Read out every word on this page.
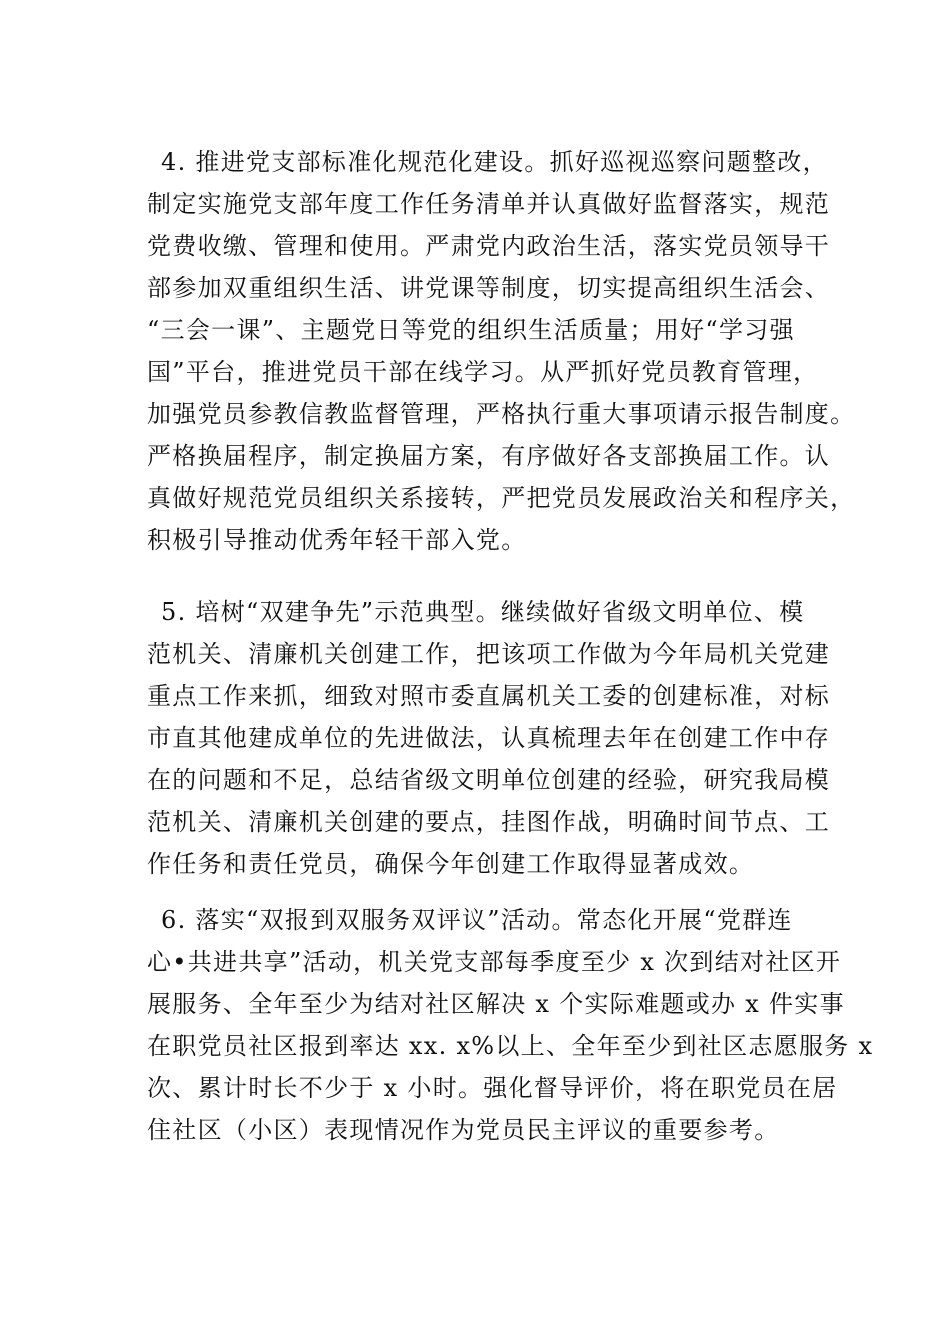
4. 推进党支部标准化规范化建设。抓好巡视巡察问题整改，
制定实施党支部年度工作任务清单并认真做好监督落实，规范
党费收缴、管理和使用。严肃党内政治生活，落实党员领导干
部参加双重组织生活、讲党课等制度，切实提高组织生活会、
“三会一课”、主题党日等党的组织生活质量；用好“学习强
国”平台，推进党员干部在线学习。从严抓好党员教育管理，
加强党员参教信教监督管理，严格执行重大事项请示报告制度。
严格换届程序，制定换届方案，有序做好各支部换届工作。认
真做好规范党员组织关系接转，严把党员发展政治关和程序关，
积极引导推动优秀年轻干部入党。
5. 培树“双建争先”示范典型。继续做好省级文明单位、模
范机关、清廉机关创建工作，把该项工作做为今年局机关党建
重点工作来抓，细致对照市委直属机关工委的创建标准，对标
市直其他建成单位的先进做法，认真梳理去年在创建工作中存
在的问题和不足，总结省级文明单位创建的经验，研究我局模
范机关、清廉机关创建的要点，挂图作战，明确时间节点、工
作任务和责任党员，确保今年创建工作取得显著成效。
6. 落实“双报到双服务双评议”活动。常态化开展“党群连
心•共进共享”活动，机关党支部每季度至少 x 次到结对社区开
展服务、全年至少为结对社区解决 x 个实际难题或办 x 件实事
在职党员社区报到率达 xx. x%以上、全年至少到社区志愿服务 x
次、累计时长不少于 x 小时。强化督导评价，将在职党员在居
住社区（小区）表现情况作为党员民主评议的重要参考。
